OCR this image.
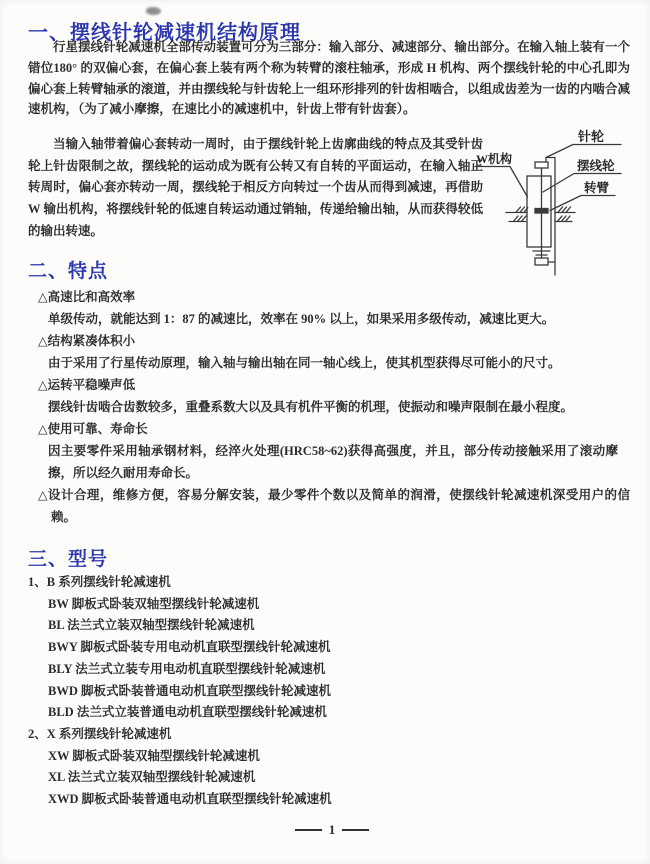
一、摆线针轮减速机结构原理
行星摆线针轮减速机全部传动装置可分为三部分：输入部分、减速部分、输出部分。在输入轴上装有一个错位180° 的双偏心套，在偏心套上装有两个称为转臂的滚柱轴承，形成 H 机构、两个摆线针轮的中心孔即为偏心套上转臂轴承的滚道，并由摆线轮与针齿轮上一组环形排列的针齿相啮合，以组成齿差为一齿的内啮合减速机构，（为了减小摩擦，在速比小的减速机中，针齿上带有针齿套）。
当输入轴带着偏心套转动一周时，由于摆线针轮上齿廓曲线的特点及其受针齿轮上针齿限制之故，摆线轮的运动成为既有公转又有自转的平面运动，在输入轴正转周时，偏心套亦转动一周，摆线轮于相反方向转过一个齿从而得到减速，再借助 W 输出机构，将摆线针轮的低速自转运动通过销轴，传递给输出轴，从而获得较低的输出转速。
针轮
W机构	摆线轮
转臂
二、特点
△高速比和高效率
单级传动，就能达到 1：87 的减速比，效率在 90% 以上，如果采用多级传动，减速比更大。
△结构紧凑体积小
由于采用了行星传动原理，输入轴与输出轴在同一轴心线上，使其机型获得尽可能小的尺寸。
△运转平稳噪声低
摆线针齿啮合齿数较多，重叠系数大以及具有机件平衡的机理，使振动和噪声限制在最小程度。
△使用可靠、寿命长
因主要零件采用轴承钢材料，经淬火处理(HRC58~62)获得高强度，并且，部分传动接触采用了滚动摩擦，所以经久耐用寿命长。
△设计合理，维修方便，容易分解安装，最少零件个数以及简单的润滑，使摆线针轮减速机深受用户的信赖。
三、型号
1、B 系列摆线针轮减速机
BW 脚板式卧装双轴型摆线针轮减速机
BL 法兰式立装双轴型摆线针轮减速机
BWY 脚板式卧装专用电动机直联型摆线针轮减速机
BLY 法兰式立装专用电动机直联型摆线针轮减速机
BWD 脚板式卧装普通电动机直联型摆线针轮减速机
BLD 法兰式立装普通电动机直联型摆线针轮减速机
2、X 系列摆线针轮减速机
XW 脚板式卧装双轴型摆线针轮减速机
XL 法兰式立装双轴型摆线针轮减速机
XWD 脚板式卧装普通电动机直联型摆线针轮减速机
1
